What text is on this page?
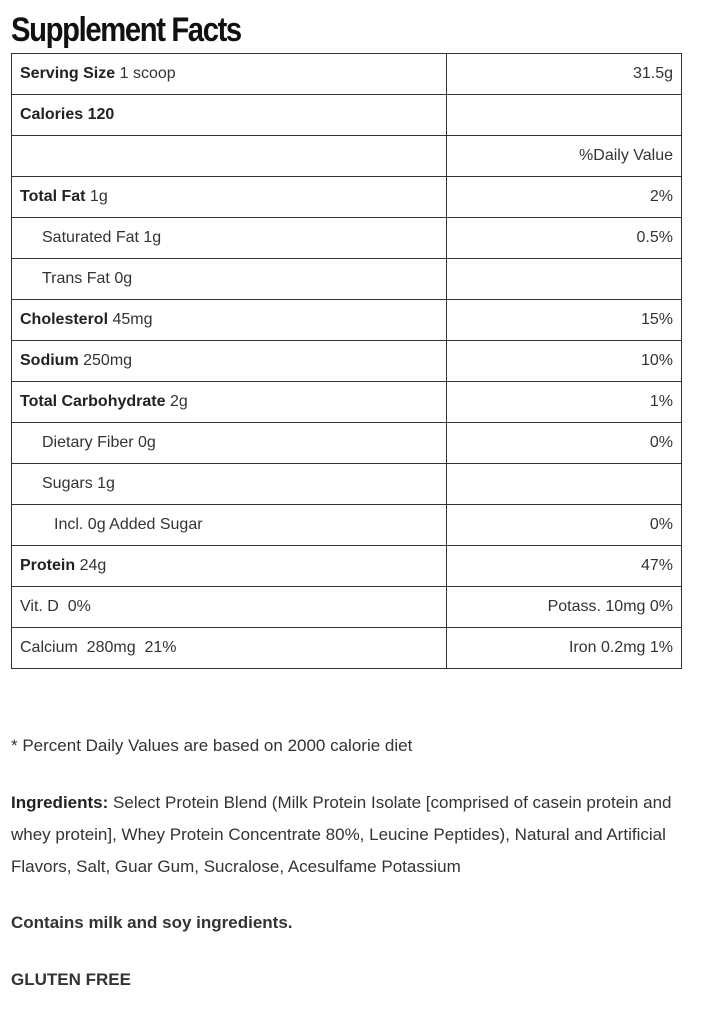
Supplement Facts
Serving Size 1 scoop	31.5g
Calories 120	
	%Daily Value
Total Fat 1g	2%
Saturated Fat 1g	0.5%
Trans Fat 0g	
Cholesterol 45mg	15%
Sodium 250mg	10%
Total Carbohydrate 2g	1%
Dietary Fiber 0g	0%
Sugars 1g	
Incl. 0g Added Sugar	0%
Protein 24g	47%
Vit. D  0%	Potass. 10mg 0%
Calcium  280mg  21%	Iron 0.2mg 1%
* Percent Daily Values are based on 2000 calorie diet

Ingredients: Select Protein Blend (Milk Protein Isolate [comprised of casein protein and whey protein], Whey Protein Concentrate 80%, Leucine Peptides), Natural and Artificial Flavors, Salt, Guar Gum, Sucralose, Acesulfame Potassium

Contains milk and soy ingredients.
GLUTEN FREE
